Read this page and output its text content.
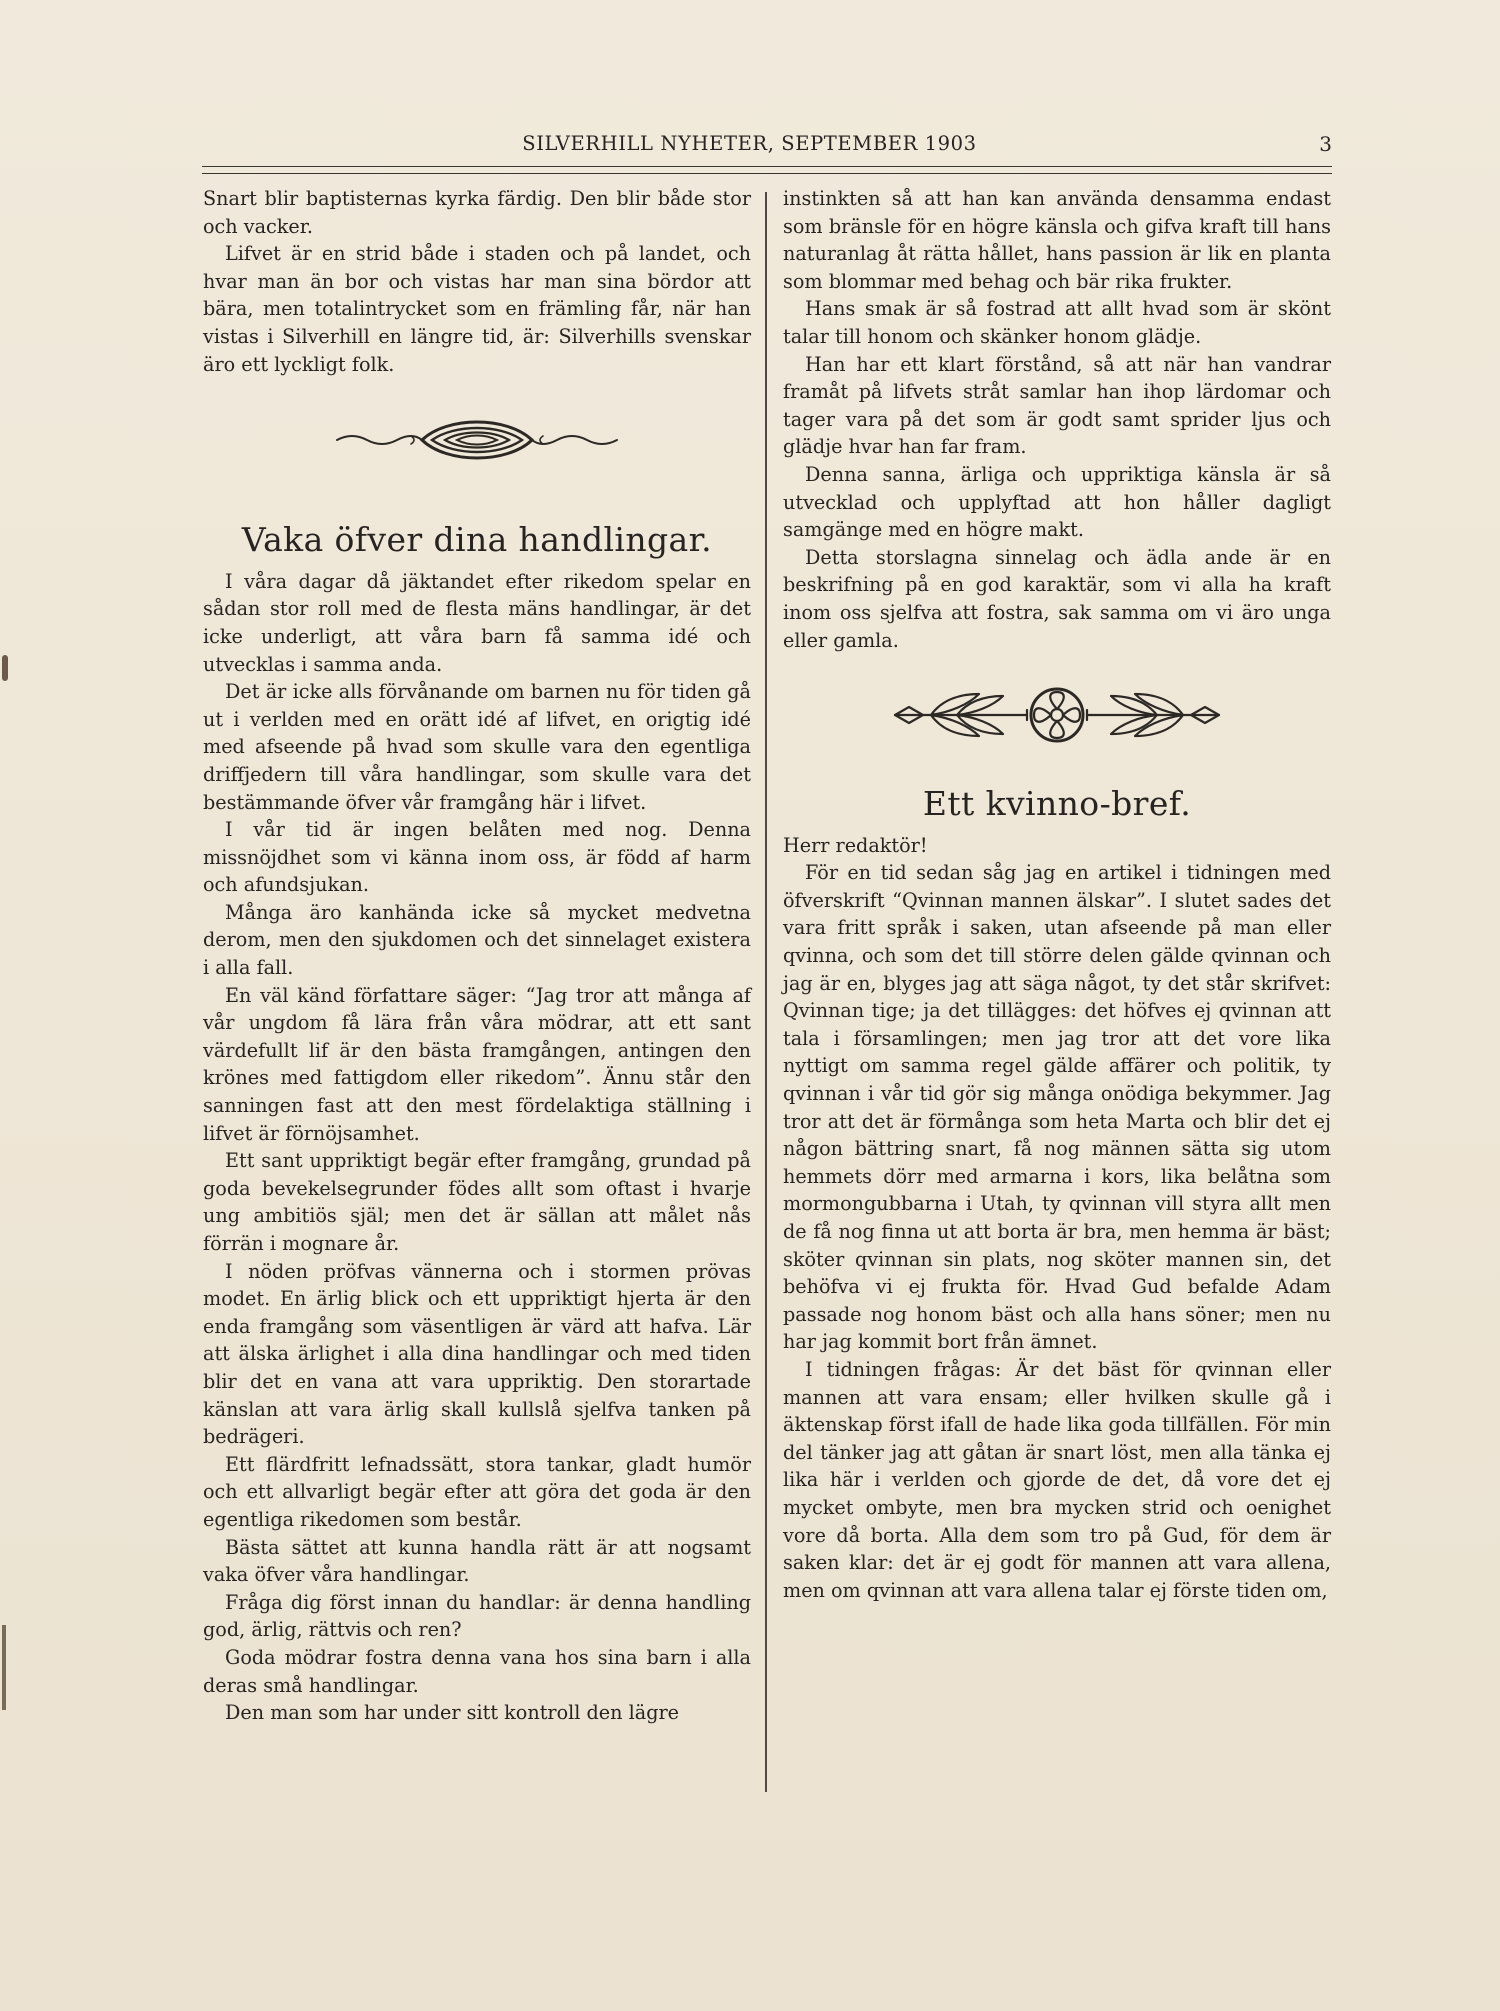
SILVERHILL NYHETER, SEPTEMBER 1903	3

Snart blir baptisternas kyrka färdig. Den blir både stor och vacker.

Lifvet är en strid både i staden och på landet, och hvar man än bor och vistas har man sina bördor att bära, men totalintrycket som en främling får, när han vistas i Silverhill en längre tid, är: Silverhills svenskar äro ett lyckligt folk.

Vaka öfver dina handlingar.

I våra dagar då jäktandet efter rikedom spelar en sådan stor roll med de flesta mäns handlingar, är det icke underligt, att våra barn få samma idé och utvecklas i samma anda.

Det är icke alls förvånande om barnen nu för tiden gå ut i verlden med en orätt idé af lifvet, en origtig idé med afseende på hvad som skulle vara den egentliga driffjedern till våra handlingar, som skulle vara det bestämmande öfver vår framgång här i lifvet.

I vår tid är ingen belåten med nog. Denna missnöjdhet som vi känna inom oss, är född af harm och afundsjukan.

Många äro kanhända icke så mycket medvetna derom, men den sjukdomen och det sinnelaget existera i alla fall.

En väl känd författare säger: “Jag tror att många af vår ungdom få lära från våra mödrar, att ett sant värdefullt lif är den bästa framgången, antingen den krönes med fattigdom eller rikedom”. Ännu står den sanningen fast att den mest fördelaktiga ställning i lifvet är förnöjsamhet.

Ett sant uppriktigt begär efter framgång, grundad på goda bevekelsegrunder födes allt som oftast i hvarje ung ambitiös själ; men det är sällan att målet nås förrän i mognare år.

I nöden pröfvas vännerna och i stormen prövas modet. En ärlig blick och ett uppriktigt hjerta är den enda framgång som väsentligen är värd att hafva. Lär att älska ärlighet i alla dina handlingar och med tiden blir det en vana att vara uppriktig. Den storartade känslan att vara ärlig skall kullslå sjelfva tanken på bedrägeri.

Ett flärdfritt lefnadssätt, stora tankar, gladt humör och ett allvarligt begär efter att göra det goda är den egentliga rikedomen som består.

Bästa sättet att kunna handla rätt är att nogsamt vaka öfver våra handlingar.

Fråga dig först innan du handlar: är denna handling god, ärlig, rättvis och ren?

Goda mödrar fostra denna vana hos sina barn i alla deras små handlingar.

Den man som har under sitt kontroll den lägre

instinkten så att han kan använda densamma endast som bränsle för en högre känsla och gifva kraft till hans naturanlag åt rätta hållet, hans passion är lik en planta som blommar med behag och bär rika frukter.

Hans smak är så fostrad att allt hvad som är skönt talar till honom och skänker honom glädje.

Han har ett klart förstånd, så att när han vandrar framåt på lifvets stråt samlar han ihop lärdomar och tager vara på det som är godt samt sprider ljus och glädje hvar han far fram.

Denna sanna, ärliga och uppriktiga känsla är så utvecklad och upplyftad att hon håller dagligt samgänge med en högre makt.

Detta storslagna sinnelag och ädla ande är en beskrifning på en god karaktär, som vi alla ha kraft inom oss sjelfva att fostra, sak samma om vi äro unga eller gamla.

Ett kvinno-bref.

Herr redaktör!

För en tid sedan såg jag en artikel i tidningen med öfverskrift “Qvinnan mannen älskar”. I slutet sades det vara fritt språk i saken, utan afseende på man eller qvinna, och som det till större delen gälde qvinnan och jag är en, blyges jag att säga något, ty det står skrifvet: Qvinnan tige; ja det tillägges: det höfves ej qvinnan att tala i församlingen; men jag tror att det vore lika nyttigt om samma regel gälde affärer och politik, ty qvinnan i vår tid gör sig många onödiga bekymmer. Jag tror att det är förmånga som heta Marta och blir det ej någon bättring snart, få nog männen sätta sig utom hemmets dörr med armarna i kors, lika belåtna som mormongubbarna i Utah, ty qvinnan vill styra allt men de få nog finna ut att borta är bra, men hemma är bäst; sköter qvinnan sin plats, nog sköter mannen sin, det behöfva vi ej frukta för. Hvad Gud befalde Adam passade nog honom bäst och alla hans söner; men nu har jag kommit bort från ämnet.

I tidningen frågas: Är det bäst för qvinnan eller mannen att vara ensam; eller hvilken skulle gå i äktenskap först ifall de hade lika goda tillfällen. För min del tänker jag att gåtan är snart löst, men alla tänka ej lika här i verlden och gjorde de det, då vore det ej mycket ombyte, men bra mycken strid och oenighet vore då borta. Alla dem som tro på Gud, för dem är saken klar: det är ej godt för mannen att vara allena, men om qvinnan att vara allena talar ej förste tiden om,
